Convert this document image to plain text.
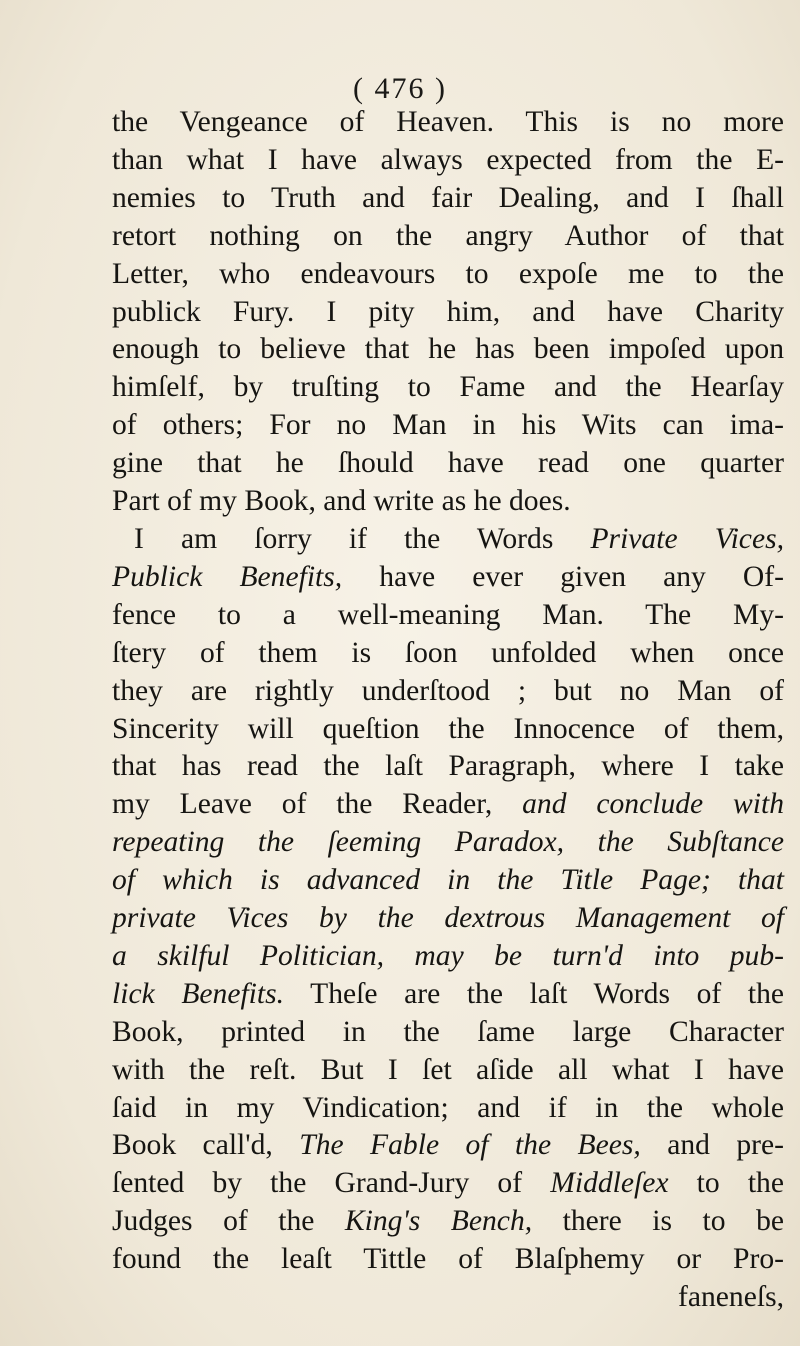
( 476 )
the Vengeance of Heaven. This is no more
than what I have always expected from the E-
nemies to Truth and fair Dealing, and I ſhall
retort nothing on the angry Author of that
Letter, who endeavours to expoſe me to the
publick Fury. I pity him, and have Charity
enough to believe that he has been impoſed upon
himſelf, by truſting to Fame and the Hearſay
of others; For no Man in his Wits can ima-
gine that he ſhould have read one quarter
Part of my Book, and write as he does.
I am ſorry if the Words Private Vices,
Publick Benefits, have ever given any Of-
fence to a well-meaning Man. The My-
ſtery of them is ſoon unfolded when once
they are rightly underſtood ; but no Man of
Sincerity will queſtion the Innocence of them,
that has read the laſt Paragraph, where I take
my Leave of the Reader, and conclude with
repeating the ſeeming Paradox, the Subſtance
of which is advanced in the Title Page; that
private Vices by the dextrous Management of
a skilful Politician, may be turn'd into pub-
lick Benefits. Theſe are the laſt Words of the
Book, printed in the ſame large Character
with the reſt. But I ſet aſide all what I have
ſaid in my Vindication; and if in the whole
Book call'd, The Fable of the Bees, and pre-
ſented by the Grand-Jury of Middleſex to the
Judges of the King's Bench, there is to be
found the leaſt Tittle of Blaſphemy or Pro-
faneneſs,
